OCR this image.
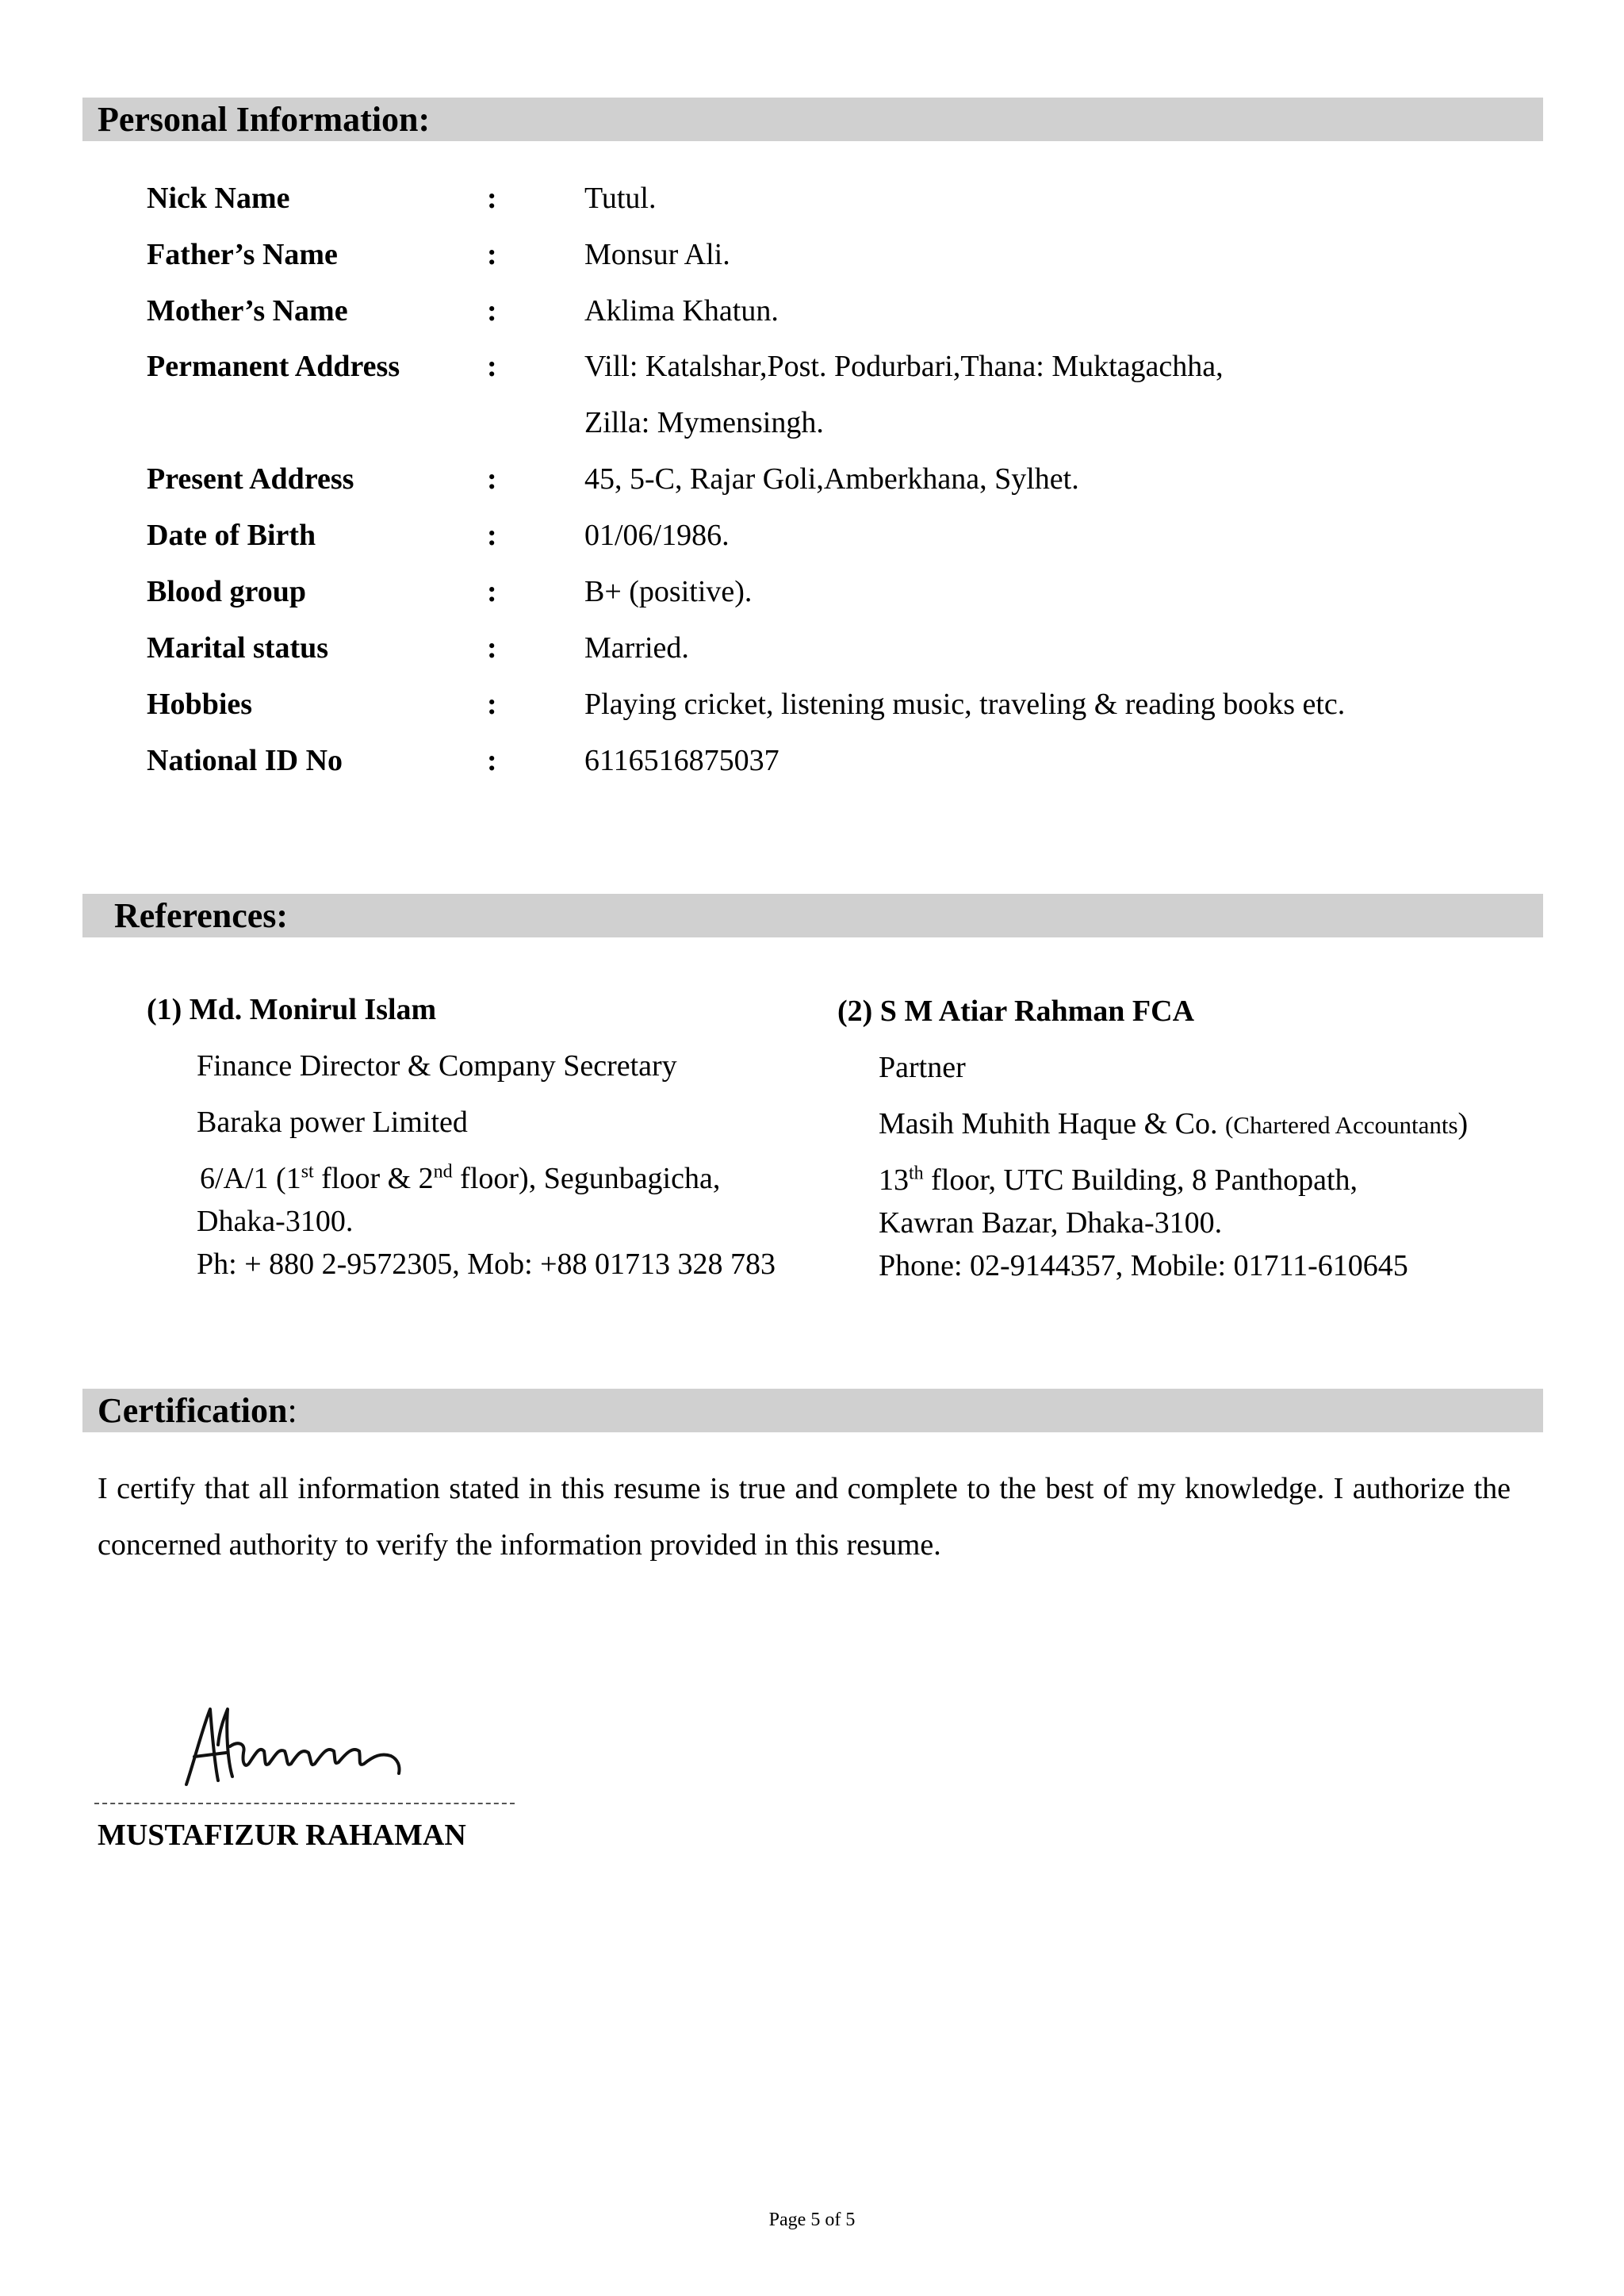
Personal Information:
Nick Name	:	Tutul.
Father’s Name	:	Monsur Ali.
Mother’s Name	:	Aklima Khatun.
Permanent Address	:	Vill: Katalshar,Post. Podurbari,Thana: Muktagachha,
Zilla: Mymensingh.
Present Address	:	45, 5-C, Rajar Goli,Amberkhana, Sylhet.
Date of Birth	:	01/06/1986.
Blood group	:	B+ (positive).
Marital status	:	Married.
Hobbies	:	Playing cricket, listening music, traveling & reading books etc.
National ID No	:	6116516875037
References:
(1) Md. Monirul Islam
Finance Director & Company Secretary
Baraka power Limited
6/A/1 (1st floor & 2nd floor), Segunbagicha,
Dhaka-3100.
Ph: + 880 2-9572305, Mob: +88 01713 328 783
(2) S M Atiar Rahman FCA
Partner
Masih Muhith Haque & Co. (Chartered Accountants)
13th floor, UTC Building, 8 Panthopath,
Kawran Bazar, Dhaka-3100.
Phone: 02-9144357, Mobile: 01711-610645
Certification:
I certify that all information stated in this resume is true and complete to the best of my knowledge. I authorize the concerned authority to verify the information provided in this resume.
MUSTAFIZUR RAHAMAN
Page 5 of 5
